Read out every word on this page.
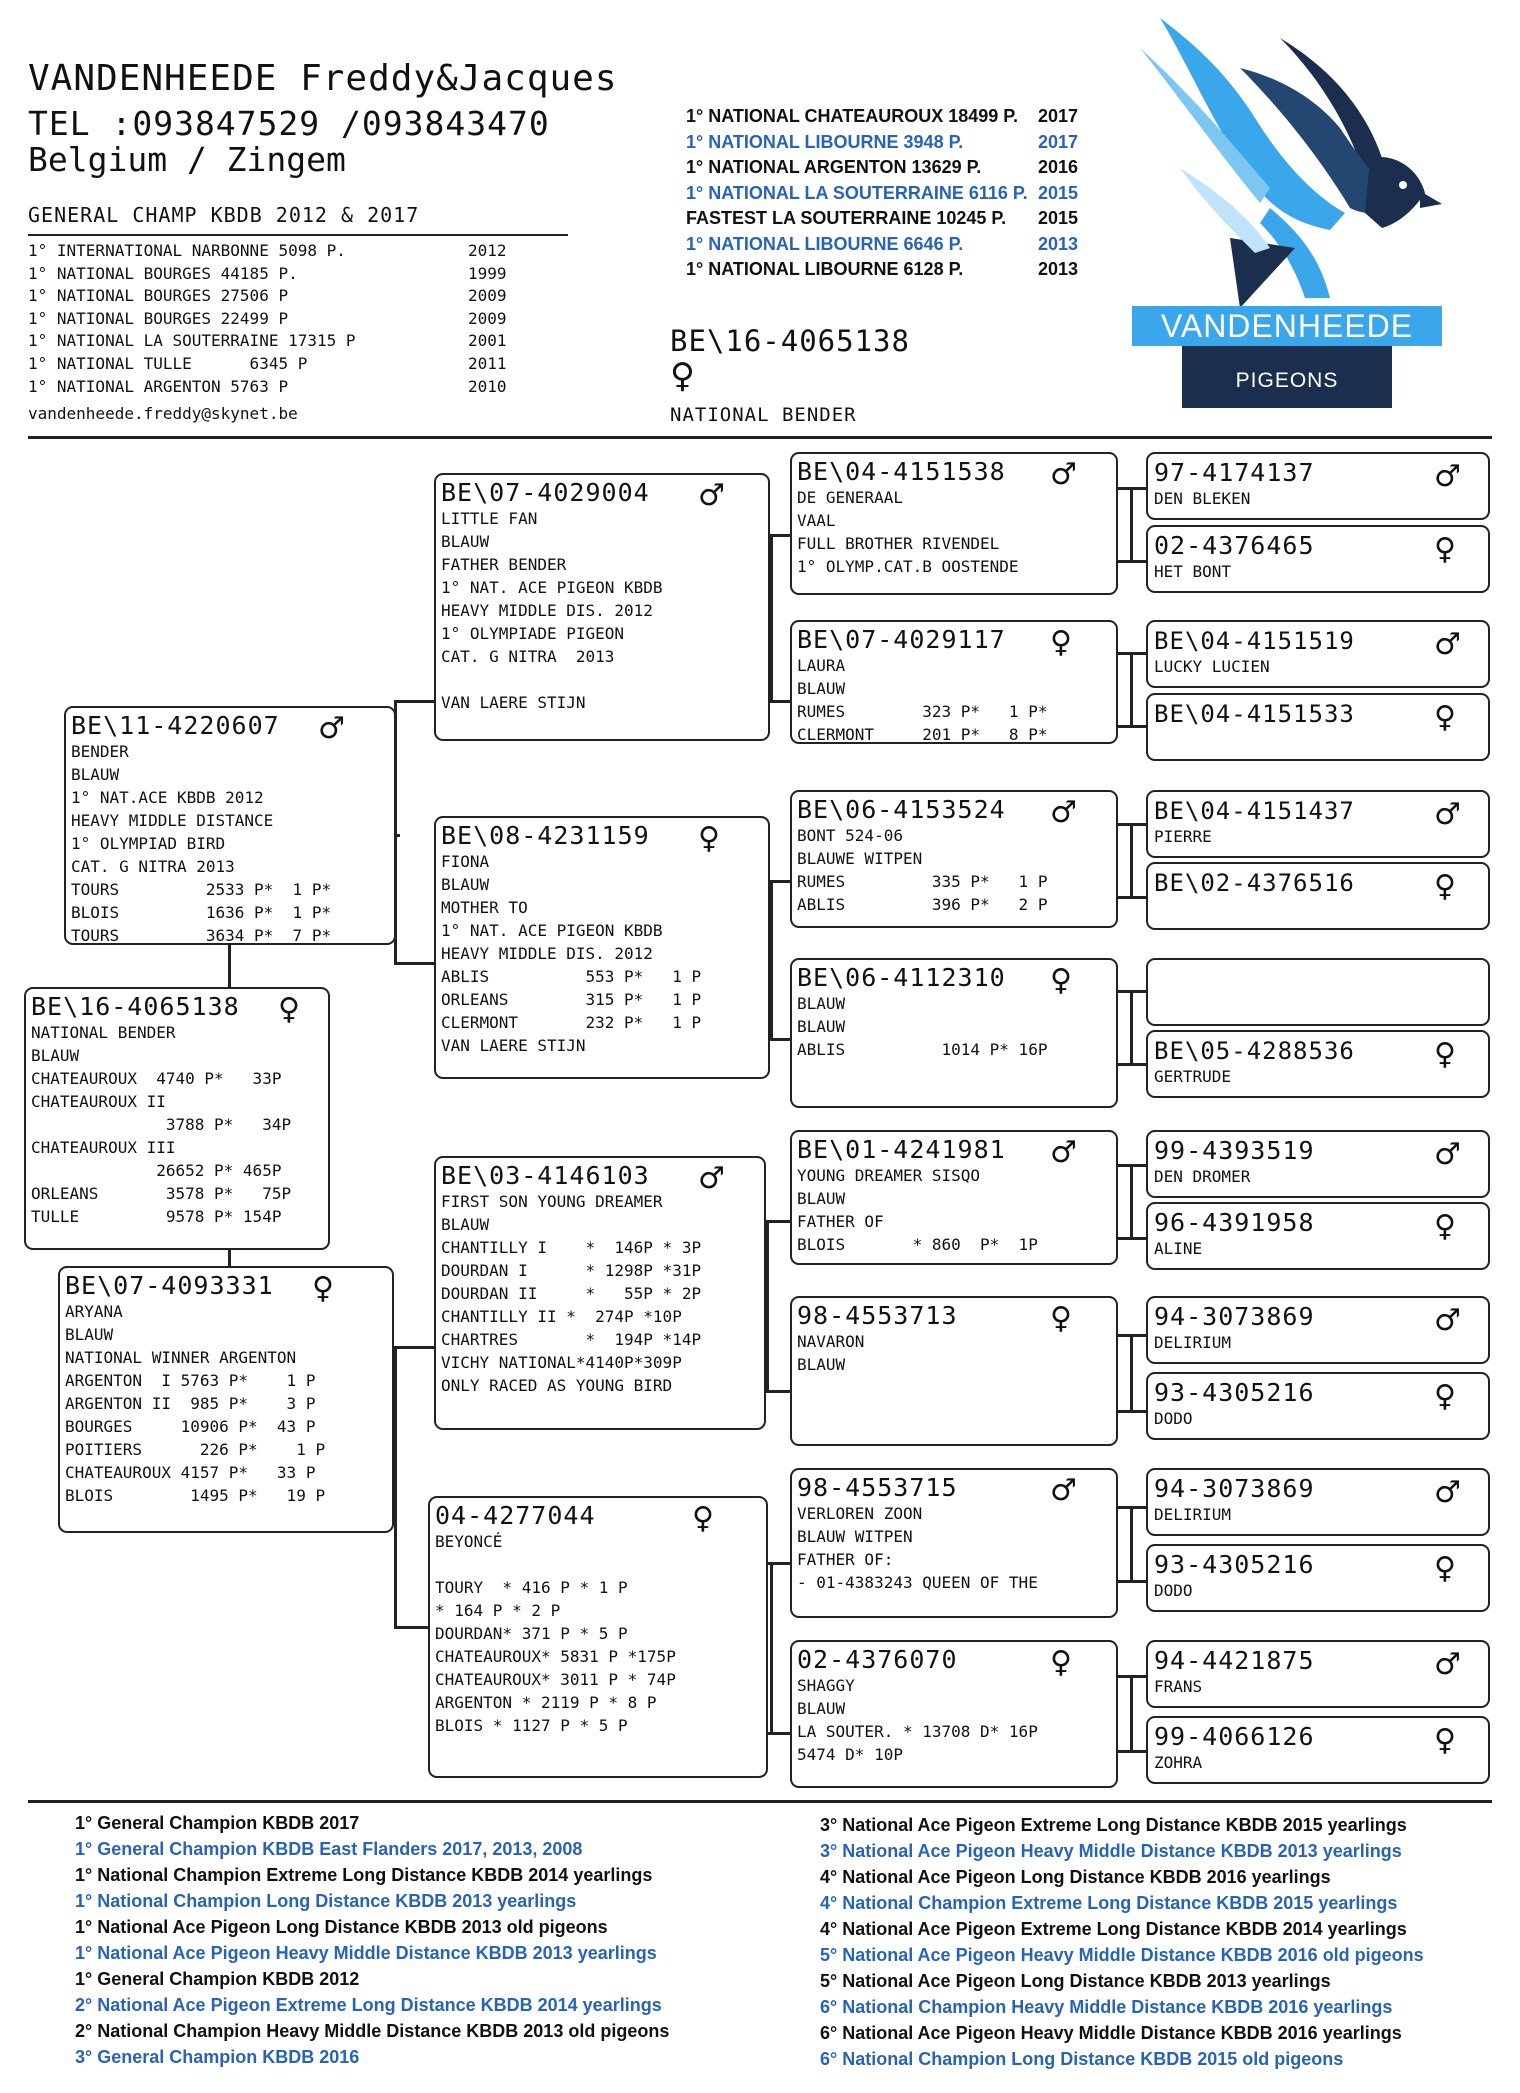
VANDENHEEDE Freddy&Jacques
TEL :093847529 /093843470
Belgium / Zingem
GENERAL CHAMP KBDB 2012 & 2017
1° INTERNATIONAL NARBONNE 5098 P.	2012
1° NATIONAL BOURGES 44185 P.	1999
1° NATIONAL BOURGES 27506 P	2009
1° NATIONAL BOURGES 22499 P	2009
1° NATIONAL LA SOUTERRAINE 17315 P	2001
1° NATIONAL TULLE      6345 P	2011
1° NATIONAL ARGENTON 5763 P	2010
vandenheede.freddy@skynet.be
1° NATIONAL CHATEAUROUX 18499 P. 2017
1° NATIONAL LIBOURNE 3948 P.	2017
1° NATIONAL ARGENTON 13629 P.	2016
1° NATIONAL LA SOUTERRAINE 6116 P. 2015
FASTEST LA SOUTERRAINE 10245 P. 2015
1° NATIONAL LIBOURNE 6646 P.	2013
1° NATIONAL LIBOURNE 6128 P.	2013
BE\16-4065138
♀
NATIONAL BENDER
VANDENHEEDE
PIGEONS
BE\16-4065138	♀
NATIONAL BENDER
BLAUW
CHATEAUROUX  4740 P*   33P
CHATEAUROUX II
3788 P*   34P
CHATEAUROUX III
26652 P* 465P
ORLEANS       3578 P*   75P
TULLE         9578 P* 154P
BE\11-4220607	♂
BENDER
BLAUW
1° NAT.ACE KBDB 2012
HEAVY MIDDLE DISTANCE
1° OLYMPIAD BIRD
CAT. G NITRA 2013
TOURS         2533 P*  1 P*
BLOIS         1636 P*  1 P*
TOURS         3634 P*  7 P*
BE\07-4093331	♀
ARYANA
BLAUW
NATIONAL WINNER ARGENTON
ARGENTON  I 5763 P*    1 P
ARGENTON II  985 P*    3 P
BOURGES     10906 P*  43 P
POITIERS      226 P*    1 P
CHATEAUROUX 4157 P*   33 P
BLOIS        1495 P*   19 P
BE\07-4029004	♂
LITTLE FAN
BLAUW
FATHER BENDER
1° NAT. ACE PIGEON KBDB
HEAVY MIDDLE DIS. 2012
1° OLYMPIADE PIGEON
CAT. G NITRA  2013

VAN LAERE STIJN
BE\08-4231159	♀
FIONA
BLAUW
MOTHER TO
1° NAT. ACE PIGEON KBDB
HEAVY MIDDLE DIS. 2012
ABLIS          553 P*   1 P
ORLEANS        315 P*   1 P
CLERMONT       232 P*   1 P
VAN LAERE STIJN
BE\03-4146103	♂
FIRST SON YOUNG DREAMER
BLAUW
CHANTILLY I    *  146P * 3P
DOURDAN I      * 1298P *31P
DOURDAN II     *   55P * 2P
CHANTILLY II *  274P *10P
CHARTRES       *  194P *14P
VICHY NATIONAL*4140P*309P
ONLY RACED AS YOUNG BIRD
04-4277044	♀
BEYONCÉ

TOURY  * 416 P * 1 P
* 164 P * 2 P
DOURDAN* 371 P * 5 P
CHATEAUROUX* 5831 P *175P
CHATEAUROUX* 3011 P * 74P
ARGENTON * 2119 P * 8 P
BLOIS * 1127 P * 5 P
BE\04-4151538	♂
DE GENERAAL
VAAL
FULL BROTHER RIVENDEL
1° OLYMP.CAT.B OOSTENDE
BE\07-4029117	♀
LAURA
BLAUW
RUMES        323 P*   1 P*
CLERMONT     201 P*   8 P*
BE\06-4153524	♂
BONT 524-06
BLAUWE WITPEN
RUMES         335 P*   1 P
ABLIS         396 P*   2 P
BE\06-4112310	♀
BLAUW
BLAUW
ABLIS          1014 P* 16P
BE\01-4241981	♂
YOUNG DREAMER SISQO
BLAUW
FATHER OF
BLOIS       * 860  P*  1P
98-4553713	♀
NAVARON
BLAUW
98-4553715	♂
VERLOREN ZOON
BLAUW WITPEN
FATHER OF:
- 01-4383243 QUEEN OF THE
02-4376070	♀
SHAGGY
BLAUW
LA SOUTER. * 13708 D* 16P
5474 D* 10P
97-4174137	♂
DEN BLEKEN
02-4376465	♀
HET BONT
BE\04-4151519	♂
LUCKY LUCIEN
BE\04-4151533	♀
BE\04-4151437	♂
PIERRE
BE\02-4376516	♀
BE\05-4288536	♀
GERTRUDE
99-4393519	♂
DEN DROMER
96-4391958	♀
ALINE
94-3073869	♂
DELIRIUM
93-4305216	♀
DODO
94-3073869	♂
DELIRIUM
93-4305216	♀
DODO
94-4421875	♂
FRANS
99-4066126	♀
ZOHRA
1° General Champion KBDB 2017
1° General Champion KBDB East Flanders 2017, 2013, 2008
1° National Champion Extreme Long Distance KBDB 2014 yearlings
1° National Champion Long Distance KBDB 2013 yearlings
1° National Ace Pigeon Long Distance KBDB 2013 old pigeons
1° National Ace Pigeon Heavy Middle Distance KBDB 2013 yearlings
1° General Champion KBDB 2012
2° National Ace Pigeon Extreme Long Distance KBDB 2014 yearlings
2° National Champion Heavy Middle Distance KBDB 2013 old pigeons
3° General Champion KBDB 2016
3° National Ace Pigeon Extreme Long Distance KBDB 2015 yearlings
3° National Ace Pigeon Heavy Middle Distance KBDB 2013 yearlings
4° National Ace Pigeon Long Distance KBDB 2016 yearlings
4° National Champion Extreme Long Distance KBDB 2015 yearlings
4° National Ace Pigeon Extreme Long Distance KBDB 2014 yearlings
5° National Ace Pigeon Heavy Middle Distance KBDB 2016 old pigeons
5° National Ace Pigeon Long Distance KBDB 2013 yearlings
6° National Champion Heavy Middle Distance KBDB 2016 yearlings
6° National Ace Pigeon Heavy Middle Distance KBDB 2016 yearlings
6° National Champion Long Distance KBDB 2015 old pigeons
